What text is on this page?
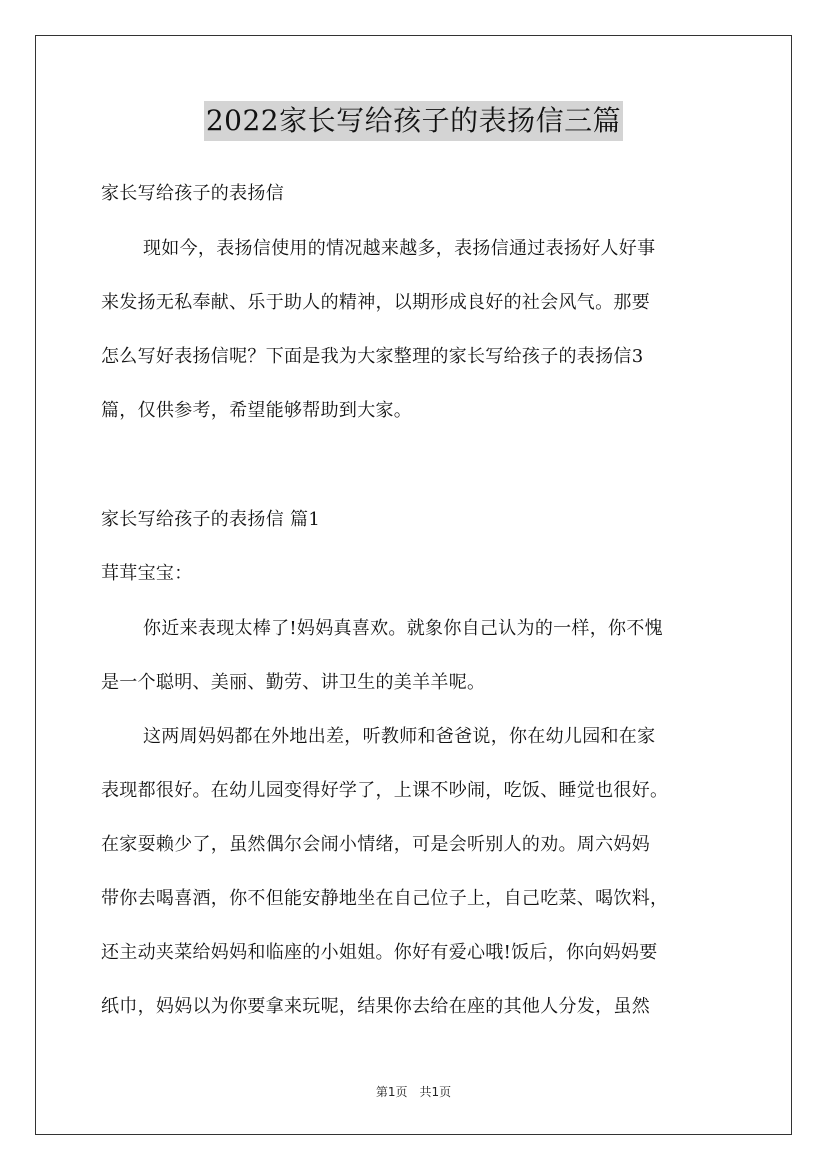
2022家长写给孩子的表扬信三篇
家长写给孩子的表扬信
现如今，表扬信使用的情况越来越多，表扬信通过表扬好人好事
来发扬无私奉献、乐于助人的精神，以期形成良好的社会风气。那要
怎么写好表扬信呢？下面是我为大家整理的家长写给孩子的表扬信3
篇，仅供参考，希望能够帮助到大家。
家长写给孩子的表扬信 篇1
茸茸宝宝：
你近来表现太棒了!妈妈真喜欢。就象你自己认为的一样，你不愧
是一个聪明、美丽、勤劳、讲卫生的美羊羊呢。
这两周妈妈都在外地出差，听教师和爸爸说，你在幼儿园和在家
表现都很好。在幼儿园变得好学了，上课不吵闹，吃饭、睡觉也很好。
在家耍赖少了，虽然偶尔会闹小情绪，可是会听别人的劝。周六妈妈
带你去喝喜酒，你不但能安静地坐在自己位子上，自己吃菜、喝饮料，
还主动夹菜给妈妈和临座的小姐姐。你好有爱心哦!饭后，你向妈妈要
纸巾，妈妈以为你要拿来玩呢，结果你去给在座的其他人分发，虽然
第1页　共1页
